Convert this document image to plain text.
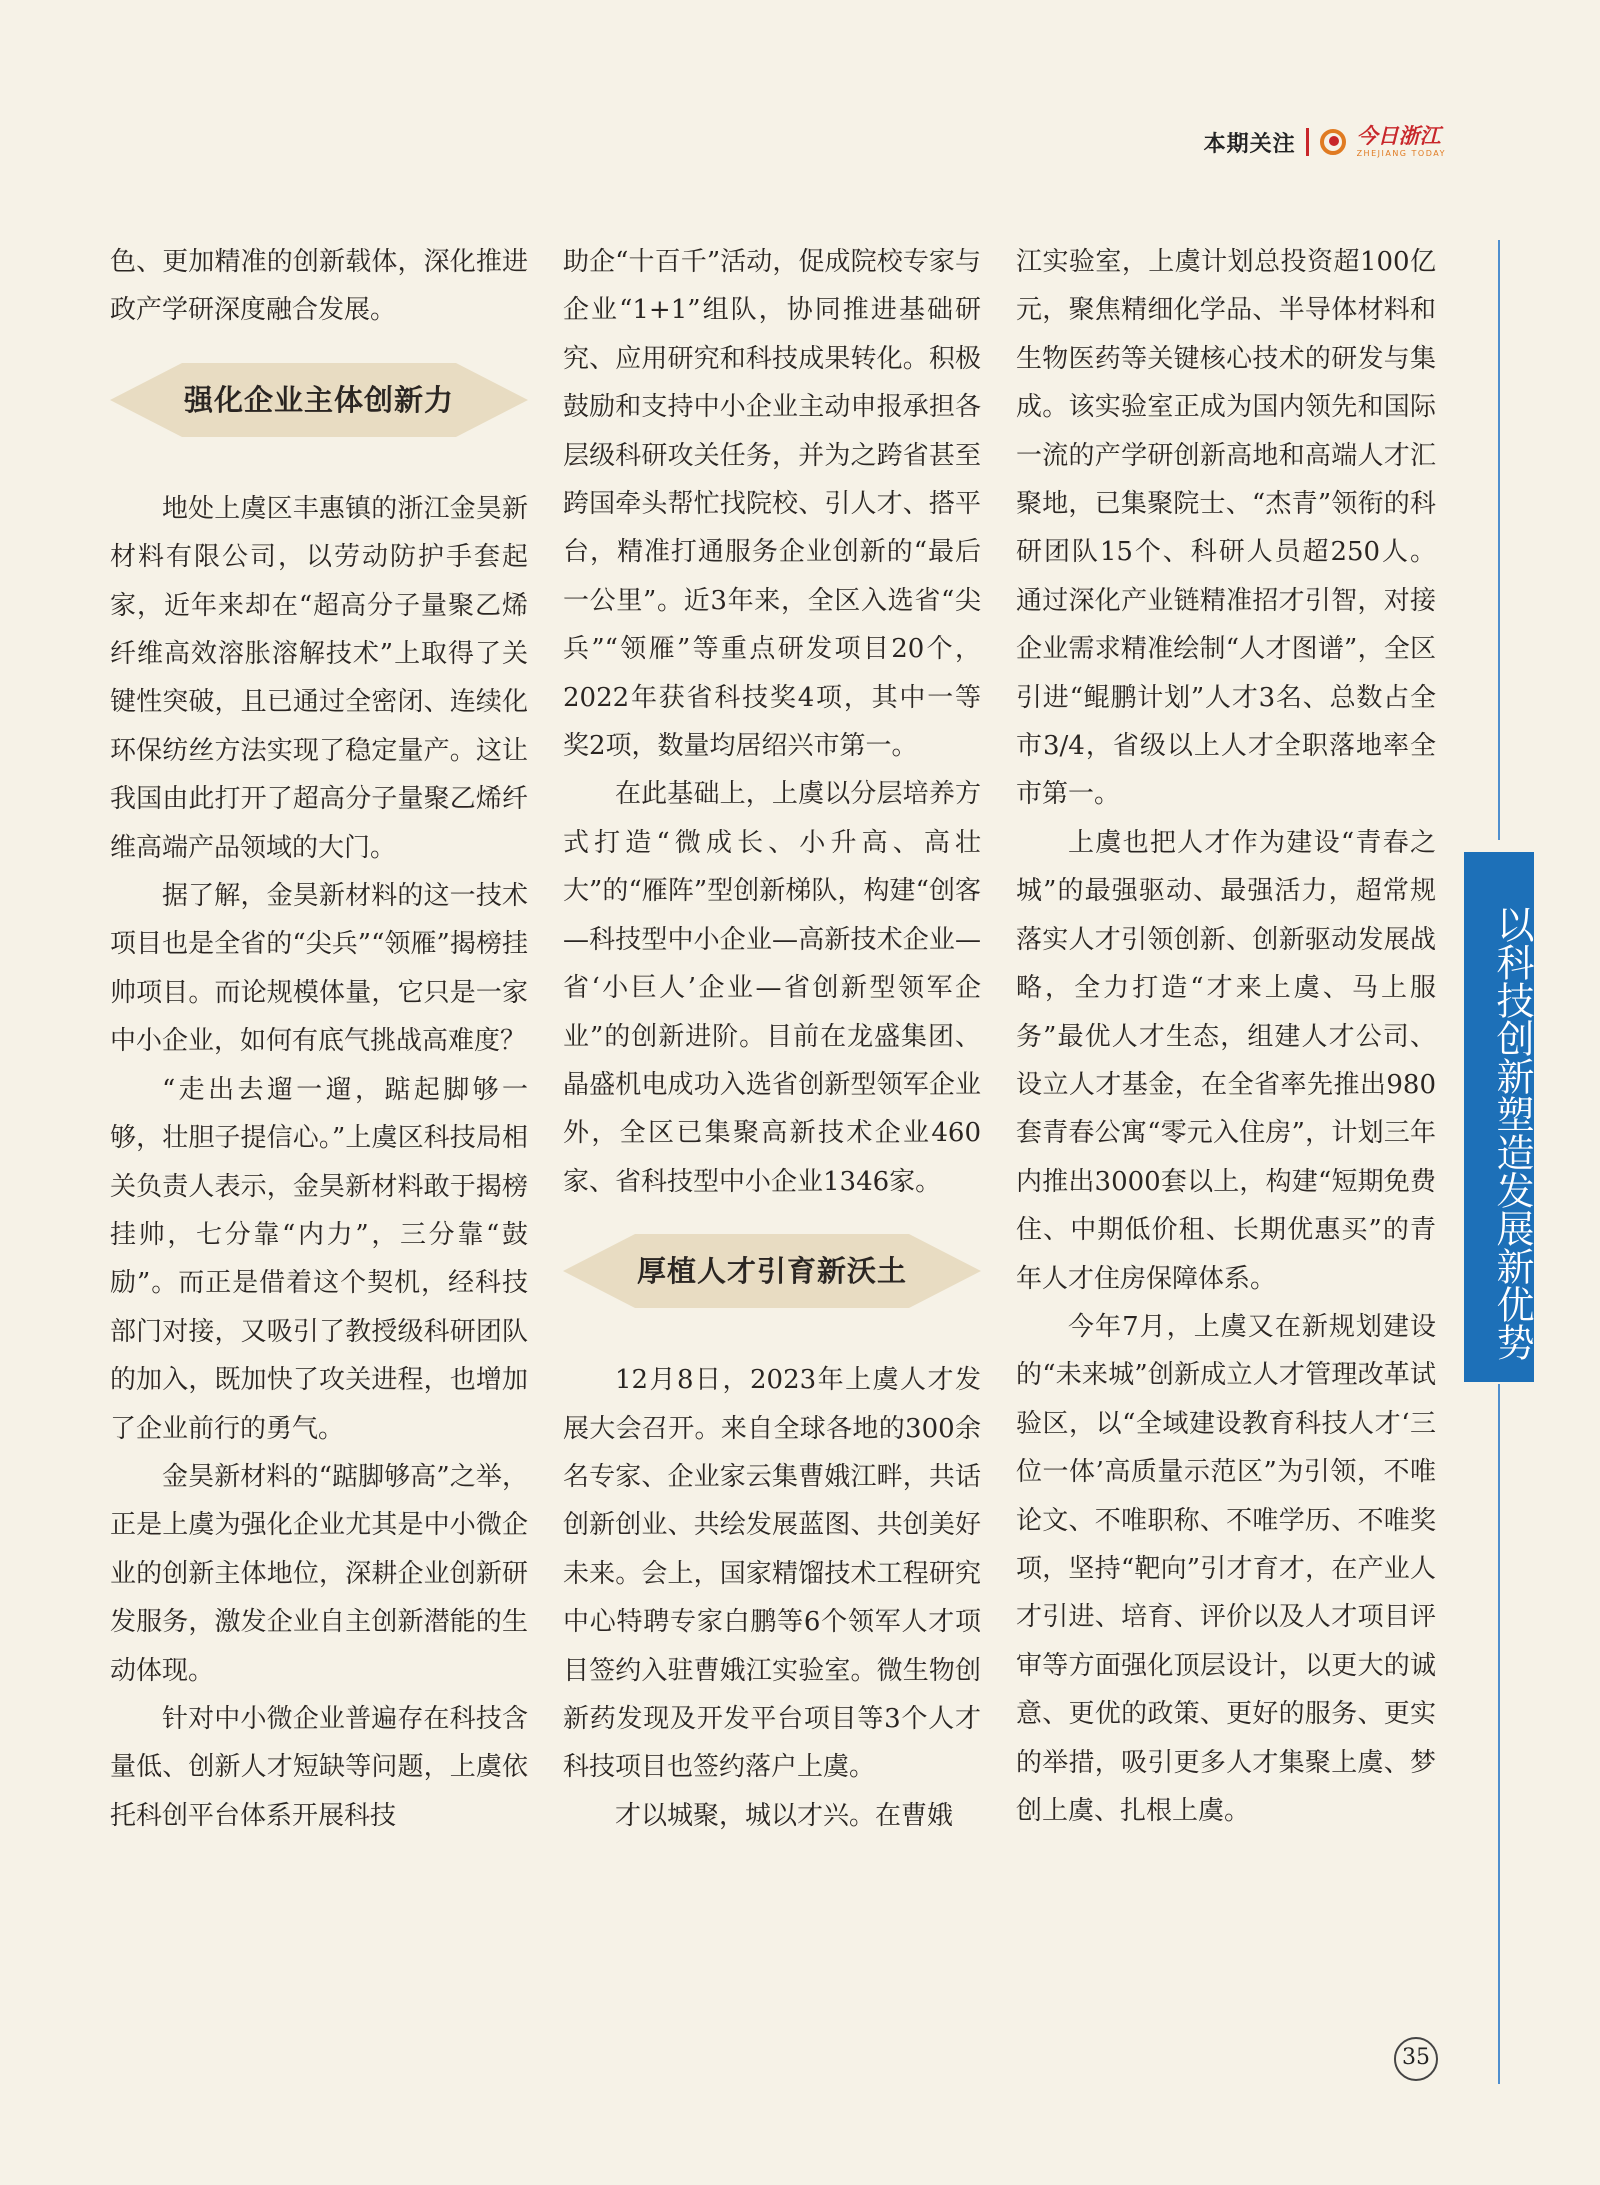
本期关注	今日浙江
ZHEJIANG TODAY

色、更加精准的创新载体，深化推进政产学研深度融合发展。

强化企业主体创新力

地处上虞区丰惠镇的浙江金昊新材料有限公司，以劳动防护手套起家，近年来却在“超高分子量聚乙烯纤维高效溶胀溶解技术”上取得了关键性突破，且已通过全密闭、连续化环保纺丝方法实现了稳定量产。这让我国由此打开了超高分子量聚乙烯纤维高端产品领域的大门。

据了解，金昊新材料的这一技术项目也是全省的“尖兵”“领雁”揭榜挂帅项目。而论规模体量，它只是一家中小企业，如何有底气挑战高难度？

“走出去遛一遛，踮起脚够一够，壮胆子提信心。”上虞区科技局相关负责人表示，金昊新材料敢于揭榜挂帅，七分靠“内力”，三分靠“鼓励”。而正是借着这个契机，经科技部门对接，又吸引了教授级科研团队的加入，既加快了攻关进程，也增加了企业前行的勇气。

金昊新材料的“踮脚够高”之举，正是上虞为强化企业尤其是中小微企业的创新主体地位，深耕企业创新研发服务，激发企业自主创新潜能的生动体现。

针对中小微企业普遍存在科技含量低、创新人才短缺等问题，上虞依托科创平台体系开展科技

助企“十百千”活动，促成院校专家与企业“1+1”组队，协同推进基础研究、应用研究和科技成果转化。积极鼓励和支持中小企业主动申报承担各层级科研攻关任务，并为之跨省甚至跨国牵头帮忙找院校、引人才、搭平台，精准打通服务企业创新的“最后一公里”。近3年来，全区入选省“尖兵”“领雁”等重点研发项目20个，2022年获省科技奖4项，其中一等奖2项，数量均居绍兴市第一。

在此基础上，上虞以分层培养方式打造“微成长、小升高、高壮大”的“雁阵”型创新梯队，构建“创客—科技型中小企业—高新技术企业—省‘小巨人’企业—省创新型领军企业”的创新进阶。目前在龙盛集团、晶盛机电成功入选省创新型领军企业外，全区已集聚高新技术企业460家、省科技型中小企业1346家。

厚植人才引育新沃土

12月8日，2023年上虞人才发展大会召开。来自全球各地的300余名专家、企业家云集曹娥江畔，共话创新创业、共绘发展蓝图、共创美好未来。会上，国家精馏技术工程研究中心特聘专家白鹏等6个领军人才项目签约入驻曹娥江实验室。微生物创新药发现及开发平台项目等3个人才科技项目也签约落户上虞。

才以城聚，城以才兴。在曹娥

江实验室，上虞计划总投资超100亿元，聚焦精细化学品、半导体材料和生物医药等关键核心技术的研发与集成。该实验室正成为国内领先和国际一流的产学研创新高地和高端人才汇聚地，已集聚院士、“杰青”领衔的科研团队15个、科研人员超250人。通过深化产业链精准招才引智，对接企业需求精准绘制“人才图谱”，全区引进“鲲鹏计划”人才3名、总数占全市3/4，省级以上人才全职落地率全市第一。

上虞也把人才作为建设“青春之城”的最强驱动、最强活力，超常规落实人才引领创新、创新驱动发展战略，全力打造“才来上虞、马上服务”最优人才生态，组建人才公司、设立人才基金，在全省率先推出980套青春公寓“零元入住房”，计划三年内推出3000套以上，构建“短期免费住、中期低价租、长期优惠买”的青年人才住房保障体系。

今年7月，上虞又在新规划建设的“未来城”创新成立人才管理改革试验区，以“全域建设教育科技人才‘三位一体’高质量示范区”为引领，不唯论文、不唯职称、不唯学历、不唯奖项，坚持“靶向”引才育才，在产业人才引进、培育、评价以及人才项目评审等方面强化顶层设计，以更大的诚意、更优的政策、更好的服务、更实的举措，吸引更多人才集聚上虞、梦创上虞、扎根上虞。

以科技创新塑造发展新优势
35
